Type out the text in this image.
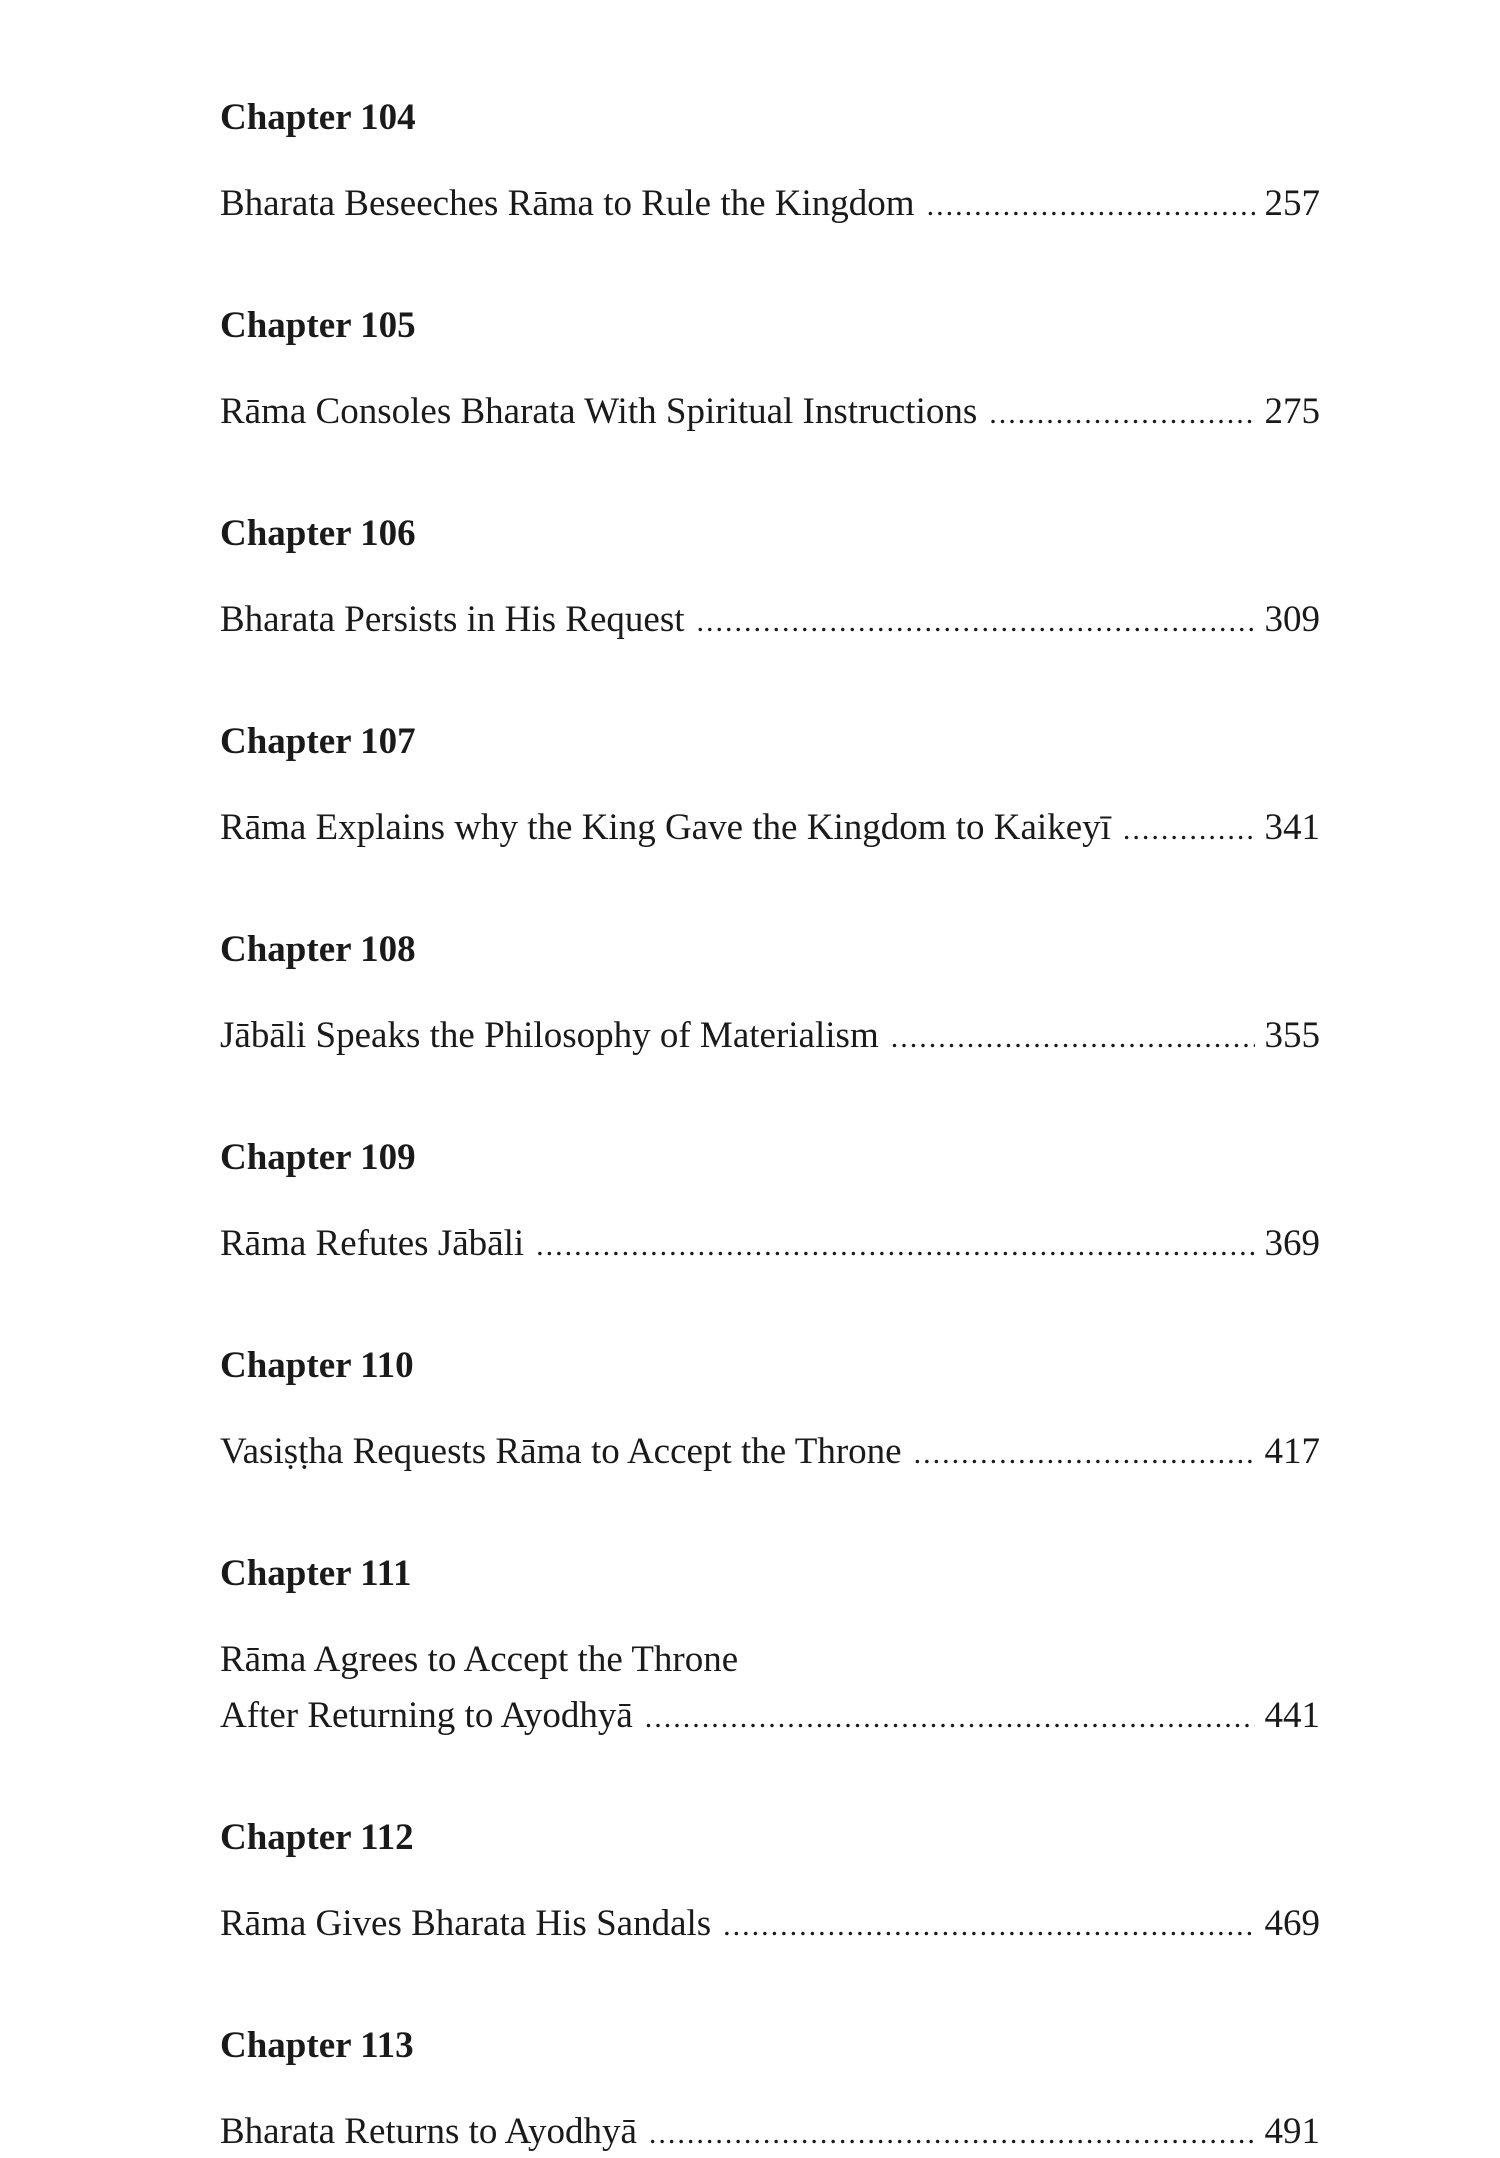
Chapter 104
Bharata Beseeches Rāma to Rule the Kingdom .....	257
Chapter 105
Rāma Consoles Bharata With Spiritual Instructions .....	275
Chapter 106
Bharata Persists in His Request .....	309
Chapter 107
Rāma Explains why the King Gave the Kingdom to Kaikeyī .....	341
Chapter 108
Jābāli Speaks the Philosophy of Materialism .....	355
Chapter 109
Rāma Refutes Jābāli .....	369
Chapter 110
Vasiṣṭha Requests Rāma to Accept the Throne .....	417
Chapter 111
Rāma Agrees to Accept the Throne
After Returning to Ayodhyā .....	441
Chapter 112
Rāma Gives Bharata His Sandals .....	469
Chapter 113
Bharata Returns to Ayodhyā .....	491
